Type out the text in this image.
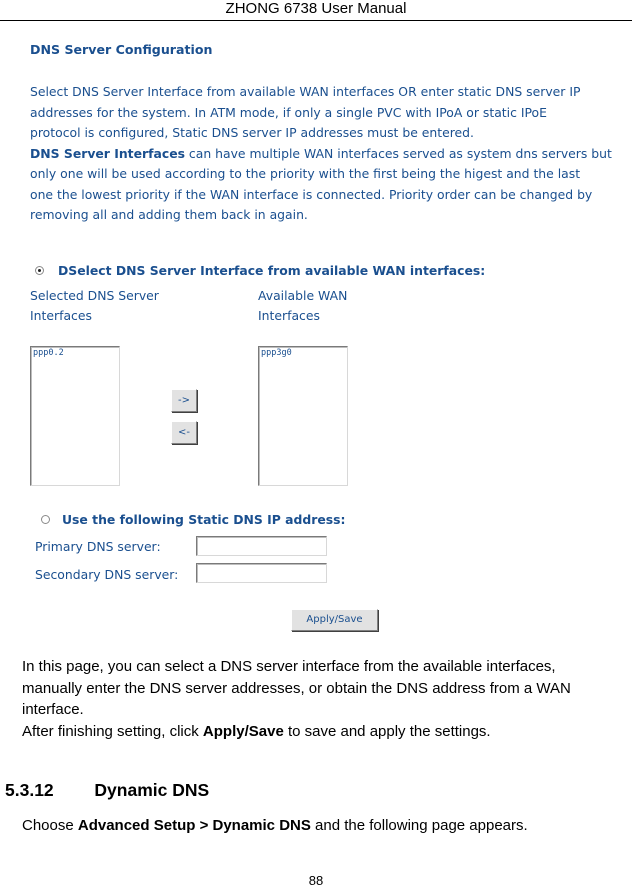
ZHONG 6738 User Manual
DNS Server Configuration

Select DNS Server Interface from available WAN interfaces OR enter static DNS server IP

addresses for the system. In ATM mode, if only a single PVC with IPoA or static IPoE

protocol is configured, Static DNS server IP addresses must be entered.

DNS Server Interfaces can have multiple WAN interfaces served as system dns servers but

only one will be used according to the priority with the first being the higest and the last

one the lowest priority if the WAN interface is connected. Priority order can be changed by

removing all and adding them back in again.

DSelect DNS Server Interface from available WAN interfaces:
Selected DNS Server
Interfaces
Available WAN
Interfaces
ppp0.2	ppp3g0
->
<-
Use the following Static DNS IP address:
Primary DNS server:
Secondary DNS server:
Apply/Save
In this page, you can select a DNS server interface from the available interfaces,
manually enter the DNS server addresses, or obtain the DNS address from a WAN
interface.
After finishing setting, click Apply/Save to save and apply the settings.
5.3.12 Dynamic DNS
Choose Advanced Setup > Dynamic DNS and the following page appears.
88
